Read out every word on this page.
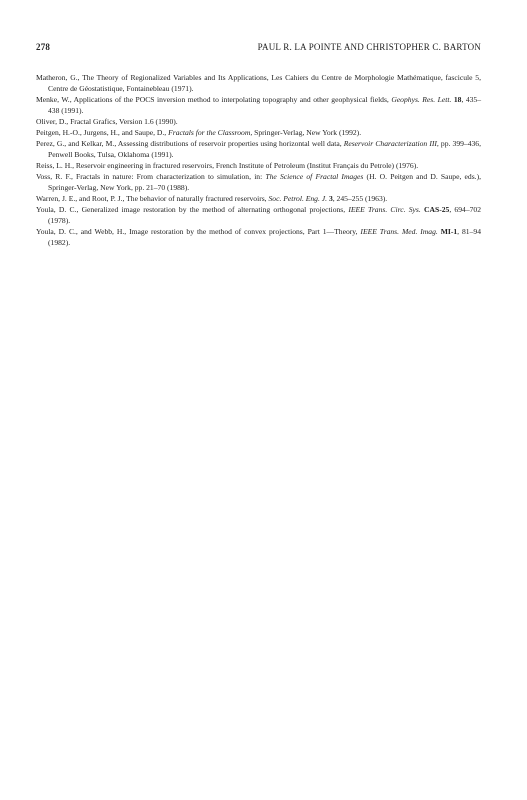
278	PAUL R. LA POINTE AND CHRISTOPHER C. BARTON

Matheron, G., The Theory of Regionalized Variables and Its Applications, Les Cahiers du Centre de Morphologie Mathématique, fascicule 5, Centre de Géostatistique, Fontainebleau (1971).

Menke, W., Applications of the POCS inversion method to interpolating topography and other geophysical fields, Geophys. Res. Lett. 18, 435–438 (1991).

Oliver, D., Fractal Grafics, Version 1.6 (1990).

Peitgen, H.-O., Jurgens, H., and Saupe, D., Fractals for the Classroom, Springer-Verlag, New York (1992).

Perez, G., and Kelkar, M., Assessing distributions of reservoir properties using horizontal well data, Reservoir Characterization III, pp. 399–436, Penwell Books, Tulsa, Oklahoma (1991).

Reiss, L. H., Reservoir engineering in fractured reservoirs, French Institute of Petroleum (Institut Français du Petrole) (1976).

Voss, R. F., Fractals in nature: From characterization to simulation, in: The Science of Fractal Images (H. O. Peitgen and D. Saupe, eds.), Springer-Verlag, New York, pp. 21–70 (1988).

Warren, J. E., and Root, P. J., The behavior of naturally fractured reservoirs, Soc. Petrol. Eng. J. 3, 245–255 (1963).

Youla, D. C., Generalized image restoration by the method of alternating orthogonal projections, IEEE Trans. Circ. Sys. CAS-25, 694–702 (1978).

Youla, D. C., and Webb, H., Image restoration by the method of convex projections, Part 1—Theory, IEEE Trans. Med. Imag. MI-1, 81–94 (1982).
